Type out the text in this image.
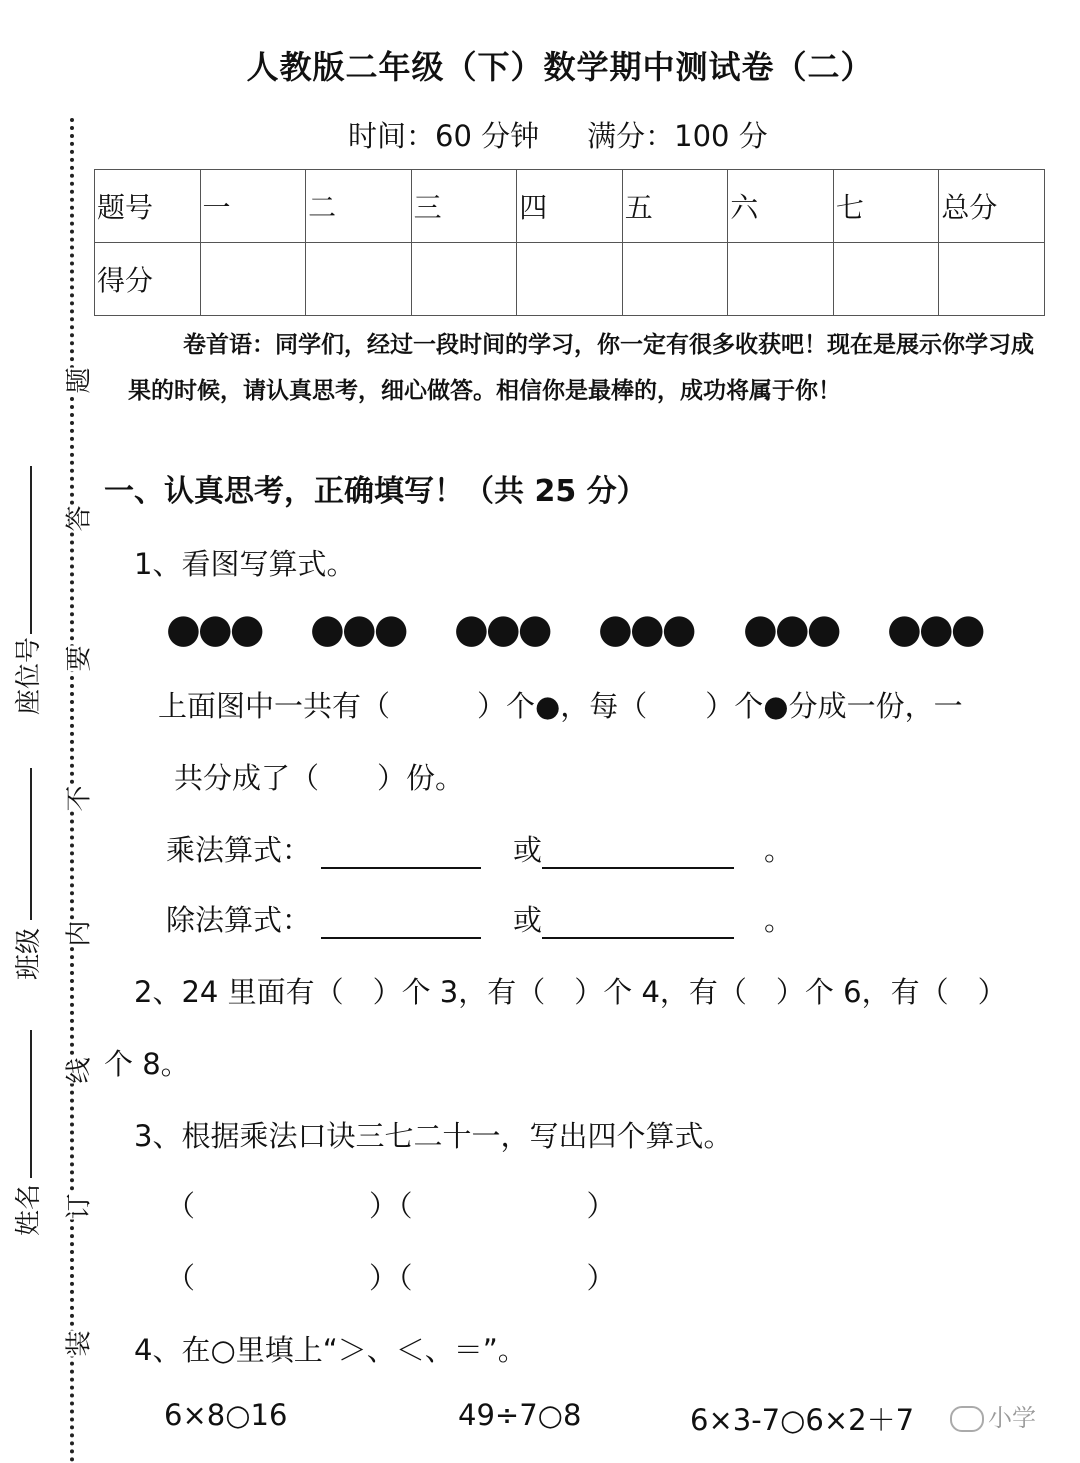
题
答
要
不
内
线
订
装
座位号
班级
姓名
人教版二年级（下）数学期中测试卷（二）
时间：60 分钟 满分：100 分
题号	一	二	三	四	五	六	七	总分
得分								

卷首语：同学们，经过一段时间的学习，你一定有很多收获吧！现在是展示你学习成果的时候，请认真思考，细心做答。相信你是最棒的，成功将属于你！

一、认真思考，正确填写！（共 25 分）
1、看图写算式。
●●● ●●● ●●● ●●● ●●● ●●●
上面图中一共有（　　　）个●，每（　　）个●分成一份，一
共分成了（　　）份。
乘法算式：	或	。
除法算式：	或	。
2、24 里面有（　）个 3，有（　）个 4，有（　）个 6，有（　）
个 8。
3、根据乘法口诀三七二十一，写出四个算式。
（　　　　　　）（　　　　　　）
（　　　　　　）（　　　　　　）
4、在○里填上“＞、＜、＝”。
6×8○16	49÷7○8	6×3-7○6×2＋7	小学
